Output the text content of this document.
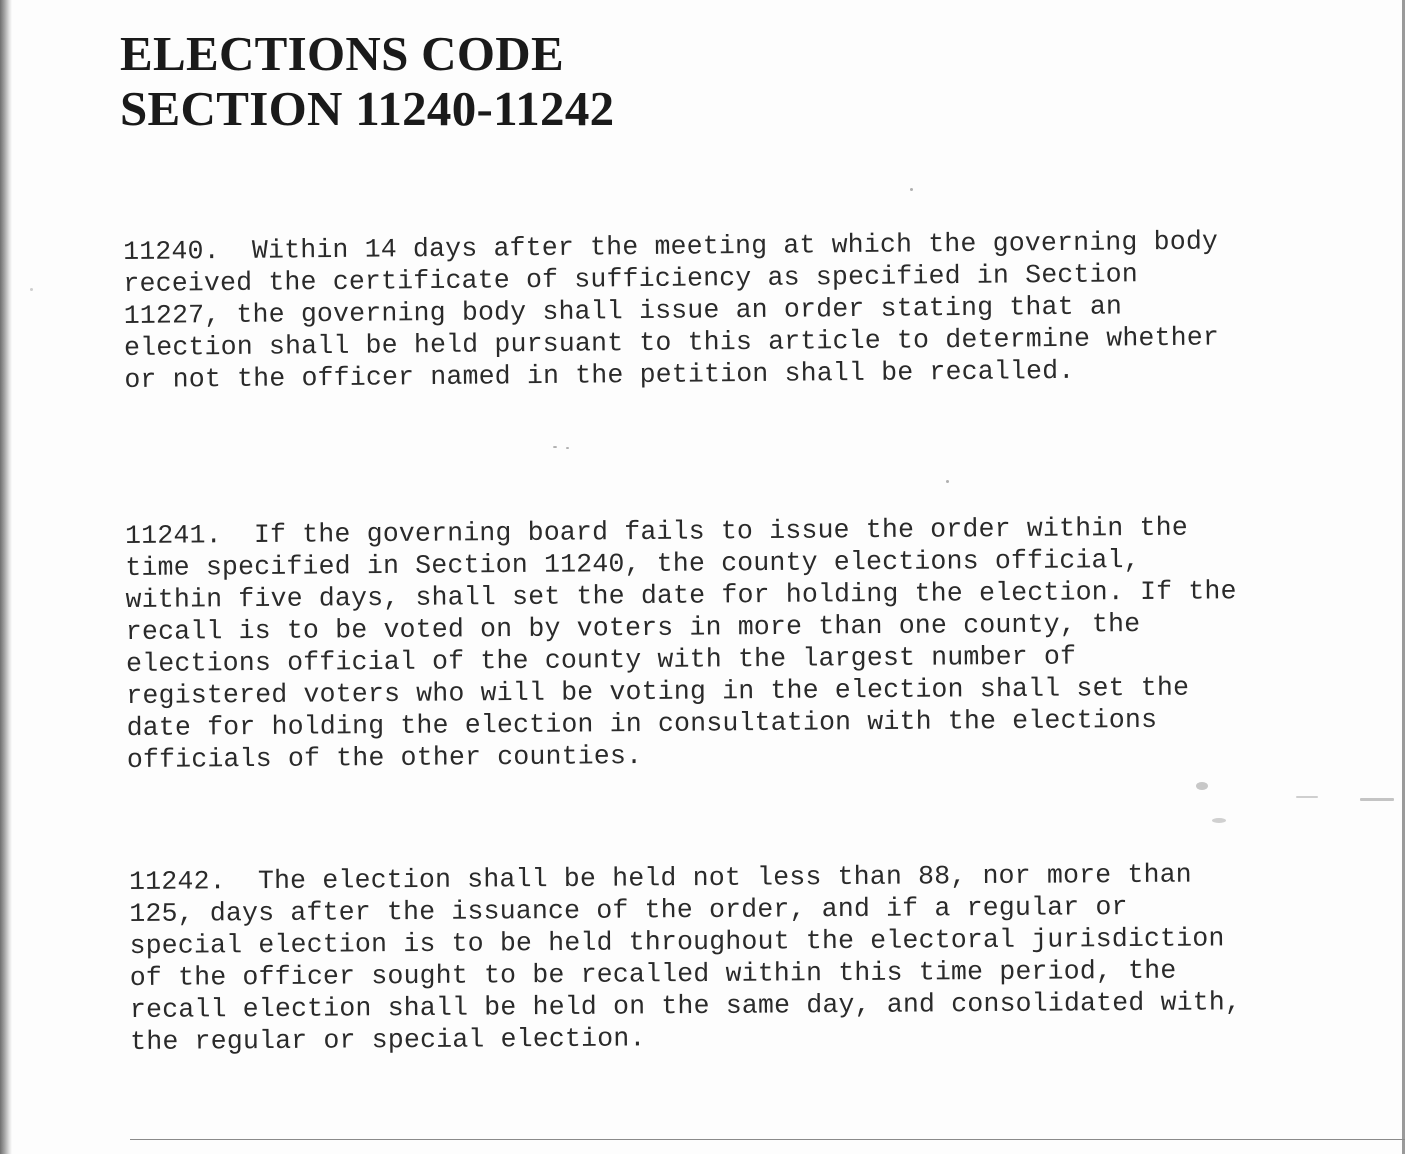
ELECTIONS CODE
SECTION 11240-11242
11240.  Within 14 days after the meeting at which the governing body
received the certificate of sufficiency as specified in Section
11227, the governing body shall issue an order stating that an
election shall be held pursuant to this article to determine whether
or not the officer named in the petition shall be recalled.
11241.  If the governing board fails to issue the order within the
time specified in Section 11240, the county elections official,
within five days, shall set the date for holding the election. If the
recall is to be voted on by voters in more than one county, the
elections official of the county with the largest number of
registered voters who will be voting in the election shall set the
date for holding the election in consultation with the elections
officials of the other counties.
11242.  The election shall be held not less than 88, nor more than
125, days after the issuance of the order, and if a regular or
special election is to be held throughout the electoral jurisdiction
of the officer sought to be recalled within this time period, the
recall election shall be held on the same day, and consolidated with,
the regular or special election.
